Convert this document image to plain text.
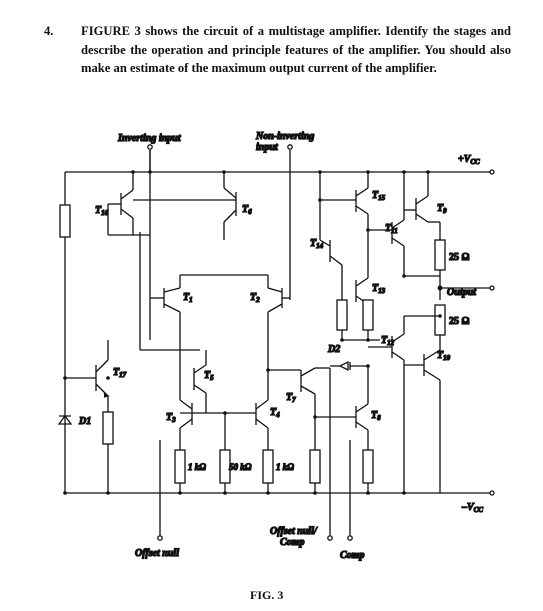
4. FIGURE 3 shows the circuit of a multistage amplifier. Identify the stages and describe the operation and principle features of the amplifier. You should also make an estimate of the maximum output current of the amplifier.
Inverting input	Non-inverting
input
$+V_{CC}$
$-V_{CC}$
Output
25 Ω
25 Ω
1 kΩ	50 kΩ	1 kΩ
D1
D2
Offset null
Offset null/
Comp
Comp
$T_{16}$	$T_6$
$T_1$	$T_2$
$T_{17}$	$T_5$
$T_3$
$T_4$
$T_7$
$T_8$
$T_{14}$
$T_{15}$
$T_{11}$
$T_9$
$T_{13}$
$T_{12}$
$T_{10}$
FIG. 3
